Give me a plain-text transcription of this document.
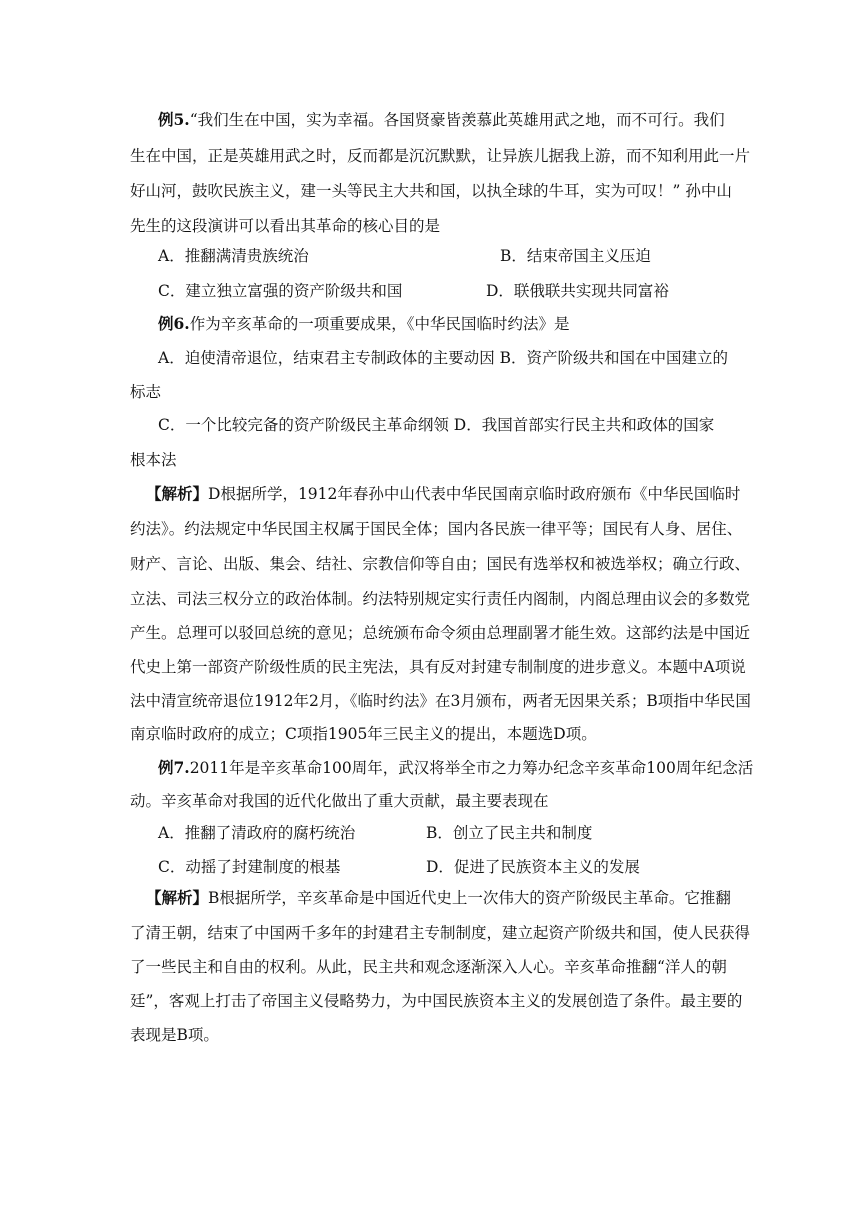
例5.“我们生在中国，实为幸福。各国贤豪皆羡慕此英雄用武之地，而不可行。我们
生在中国，正是英雄用武之时，反而都是沉沉默默，让异族儿据我上游，而不知利用此一片
好山河，鼓吹民族主义，建一头等民主大共和国，以执全球的牛耳，实为可叹！” 孙中山
先生的这段演讲可以看出其革命的核心目的是
A．推翻满清贵族统治	B．结束帝国主义压迫
C．建立独立富强的资产阶级共和国	D．联俄联共实现共同富裕
例6.作为辛亥革命的一项重要成果，《中华民国临时约法》是
A．迫使清帝退位，结束君主专制政体的主要动因 B．资产阶级共和国在中国建立的
标志
C．一个比较完备的资产阶级民主革命纲领 D．我国首部实行民主共和政体的国家
根本法
【解析】D根据所学，1912年春孙中山代表中华民国南京临时政府颁布《中华民国临时
约法》。约法规定中华民国主权属于国民全体；国内各民族一律平等；国民有人身、居住、
财产、言论、出版、集会、结社、宗教信仰等自由；国民有选举权和被选举权；确立行政、
立法、司法三权分立的政治体制。约法特别规定实行责任内阁制，内阁总理由议会的多数党
产生。总理可以驳回总统的意见；总统颁布命令须由总理副署才能生效。这部约法是中国近
代史上第一部资产阶级性质的民主宪法，具有反对封建专制制度的进步意义。本题中A项说
法中清宣统帝退位1912年2月，《临时约法》在3月颁布，两者无因果关系；B项指中华民国
南京临时政府的成立；C项指1905年三民主义的提出，本题选D项。
例7.2011年是辛亥革命100周年，武汉将举全市之力筹办纪念辛亥革命100周年纪念活
动。辛亥革命对我国的近代化做出了重大贡献，最主要表现在
A．推翻了清政府的腐朽统治	B．创立了民主共和制度
C．动摇了封建制度的根基	D．促进了民族资本主义的发展
【解析】B根据所学，辛亥革命是中国近代史上一次伟大的资产阶级民主革命。它推翻
了清王朝，结束了中国两千多年的封建君主专制制度，建立起资产阶级共和国，使人民获得
了一些民主和自由的权利。从此，民主共和观念逐渐深入人心。辛亥革命推翻“洋人的朝
廷”，客观上打击了帝国主义侵略势力，为中国民族资本主义的发展创造了条件。最主要的
表现是B项。
